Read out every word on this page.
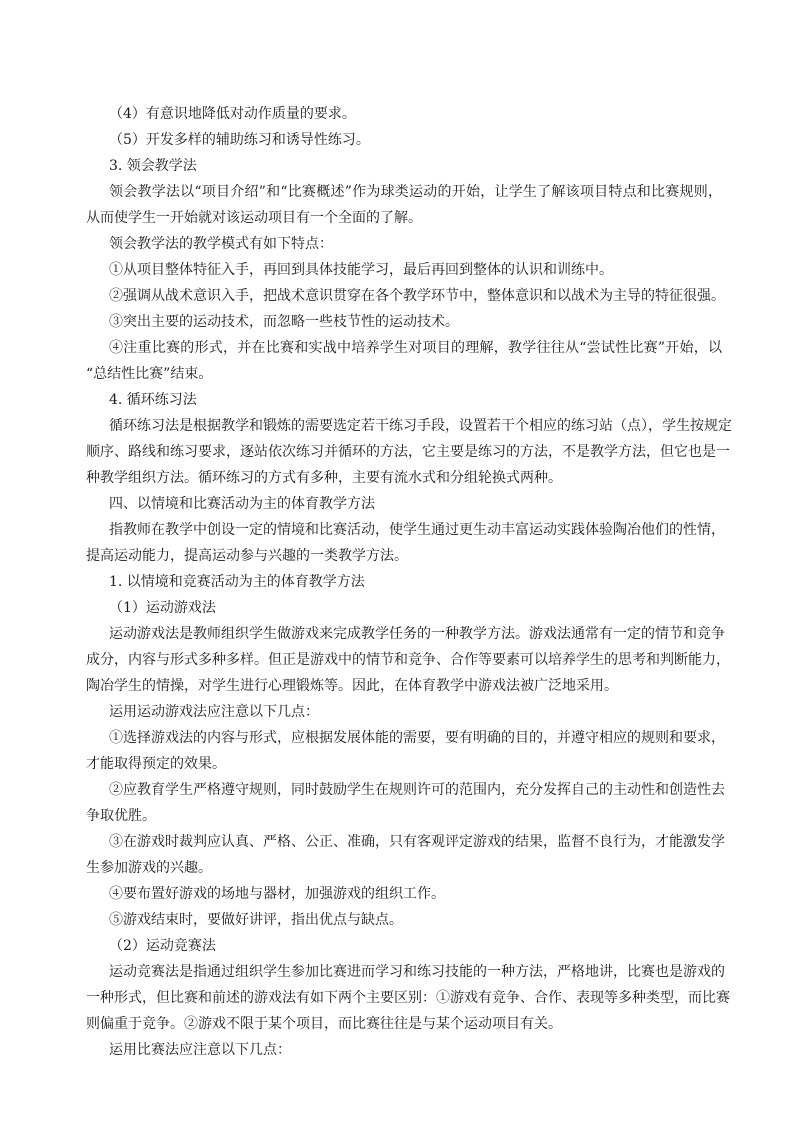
（4）有意识地降低对动作质量的要求。
（5）开发多样的辅助练习和诱导性练习。
3. 领会教学法
领会教学法以“项目介绍”和“比赛概述”作为球类运动的开始，让学生了解该项目特点和比赛规则，
从而使学生一开始就对该运动项目有一个全面的了解。
领会教学法的教学模式有如下特点：
①从项目整体特征入手，再回到具体技能学习，最后再回到整体的认识和训练中。
②强调从战术意识入手，把战术意识贯穿在各个教学环节中，整体意识和以战术为主导的特征很强。
③突出主要的运动技术，而忽略一些枝节性的运动技术。
④注重比赛的形式，并在比赛和实战中培养学生对项目的理解，教学往往从“尝试性比赛”开始，以
“总结性比赛”结束。
4. 循环练习法
循环练习法是根据教学和锻炼的需要选定若干练习手段，设置若干个相应的练习站（点），学生按规定
顺序、路线和练习要求，逐站依次练习并循环的方法，它主要是练习的方法，不是教学方法，但它也是一
种教学组织方法。循环练习的方式有多种，主要有流水式和分组轮换式两种。
四、以情境和比赛活动为主的体育教学方法
指教师在教学中创设一定的情境和比赛活动，使学生通过更生动丰富运动实践体验陶冶他们的性情，
提高运动能力，提高运动参与兴趣的一类教学方法。
1. 以情境和竞赛活动为主的体育教学方法
（1）运动游戏法
运动游戏法是教师组织学生做游戏来完成教学任务的一种教学方法。游戏法通常有一定的情节和竞争
成分，内容与形式多种多样。但正是游戏中的情节和竞争、合作等要素可以培养学生的思考和判断能力，
陶冶学生的情操，对学生进行心理锻炼等。因此，在体育教学中游戏法被广泛地采用。
运用运动游戏法应注意以下几点：
①选择游戏法的内容与形式，应根据发展体能的需要，要有明确的目的，并遵守相应的规则和要求，
才能取得预定的效果。
②应教育学生严格遵守规则，同时鼓励学生在规则许可的范围内，充分发挥自己的主动性和创造性去
争取优胜。
③在游戏时裁判应认真、严格、公正、准确，只有客观评定游戏的结果，监督不良行为，才能激发学
生参加游戏的兴趣。
④要布置好游戏的场地与器材，加强游戏的组织工作。
⑤游戏结束时，要做好讲评，指出优点与缺点。
（2）运动竞赛法
运动竞赛法是指通过组织学生参加比赛进而学习和练习技能的一种方法，严格地讲，比赛也是游戏的
一种形式，但比赛和前述的游戏法有如下两个主要区别：①游戏有竞争、合作、表现等多种类型，而比赛
则偏重于竞争。②游戏不限于某个项目，而比赛往往是与某个运动项目有关。
运用比赛法应注意以下几点：
